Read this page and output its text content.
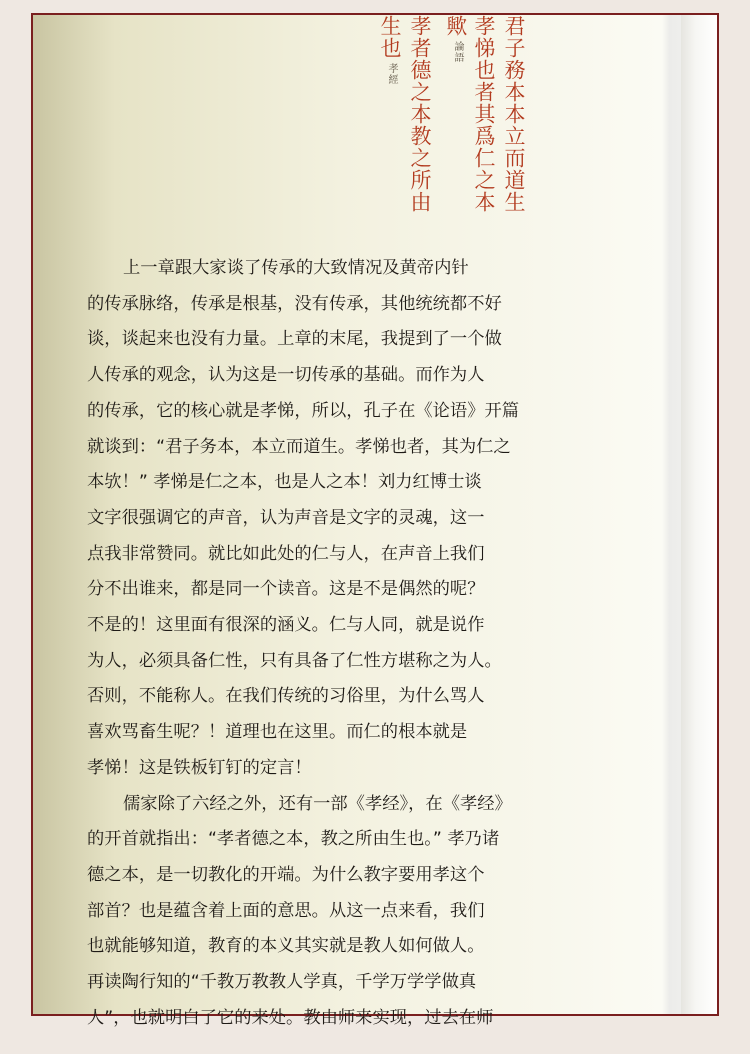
君子務本本立而道生
孝悌也者其爲仁之本
歟
論語
孝者德之本教之所由
生也
孝經

上一章跟大家谈了传承的大致情况及黄帝内针
的传承脉络，传承是根基，没有传承，其他统统都不好
谈，谈起来也没有力量。上章的末尾，我提到了一个做
人传承的观念，认为这是一切传承的基础。而作为人
的传承，它的核心就是孝悌，所以，孔子在《论语》开篇
就谈到：“君子务本，本立而道生。孝悌也者，其为仁之
本欤！” 孝悌是仁之本，也是人之本！刘力红博士谈
文字很强调它的声音，认为声音是文字的灵魂，这一
点我非常赞同。就比如此处的仁与人，在声音上我们
分不出谁来，都是同一个读音。这是不是偶然的呢？
不是的！这里面有很深的涵义。仁与人同，就是说作
为人，必须具备仁性，只有具备了仁性方堪称之为人。
否则，不能称人。在我们传统的习俗里，为什么骂人
喜欢骂畜生呢？！道理也在这里。而仁的根本就是
孝悌！这是铁板钉钉的定言！

儒家除了六经之外，还有一部《孝经》，在《孝经》
的开首就指出：“孝者德之本，教之所由生也。” 孝乃诸
德之本，是一切教化的开端。为什么教字要用孝这个
部首？也是蕴含着上面的意思。从这一点来看，我们
也就能够知道，教育的本义其实就是教人如何做人。
再读陶行知的“千教万教教人学真，千学万学学做真
人”，也就明白了它的来处。教由师来实现，过去在师
